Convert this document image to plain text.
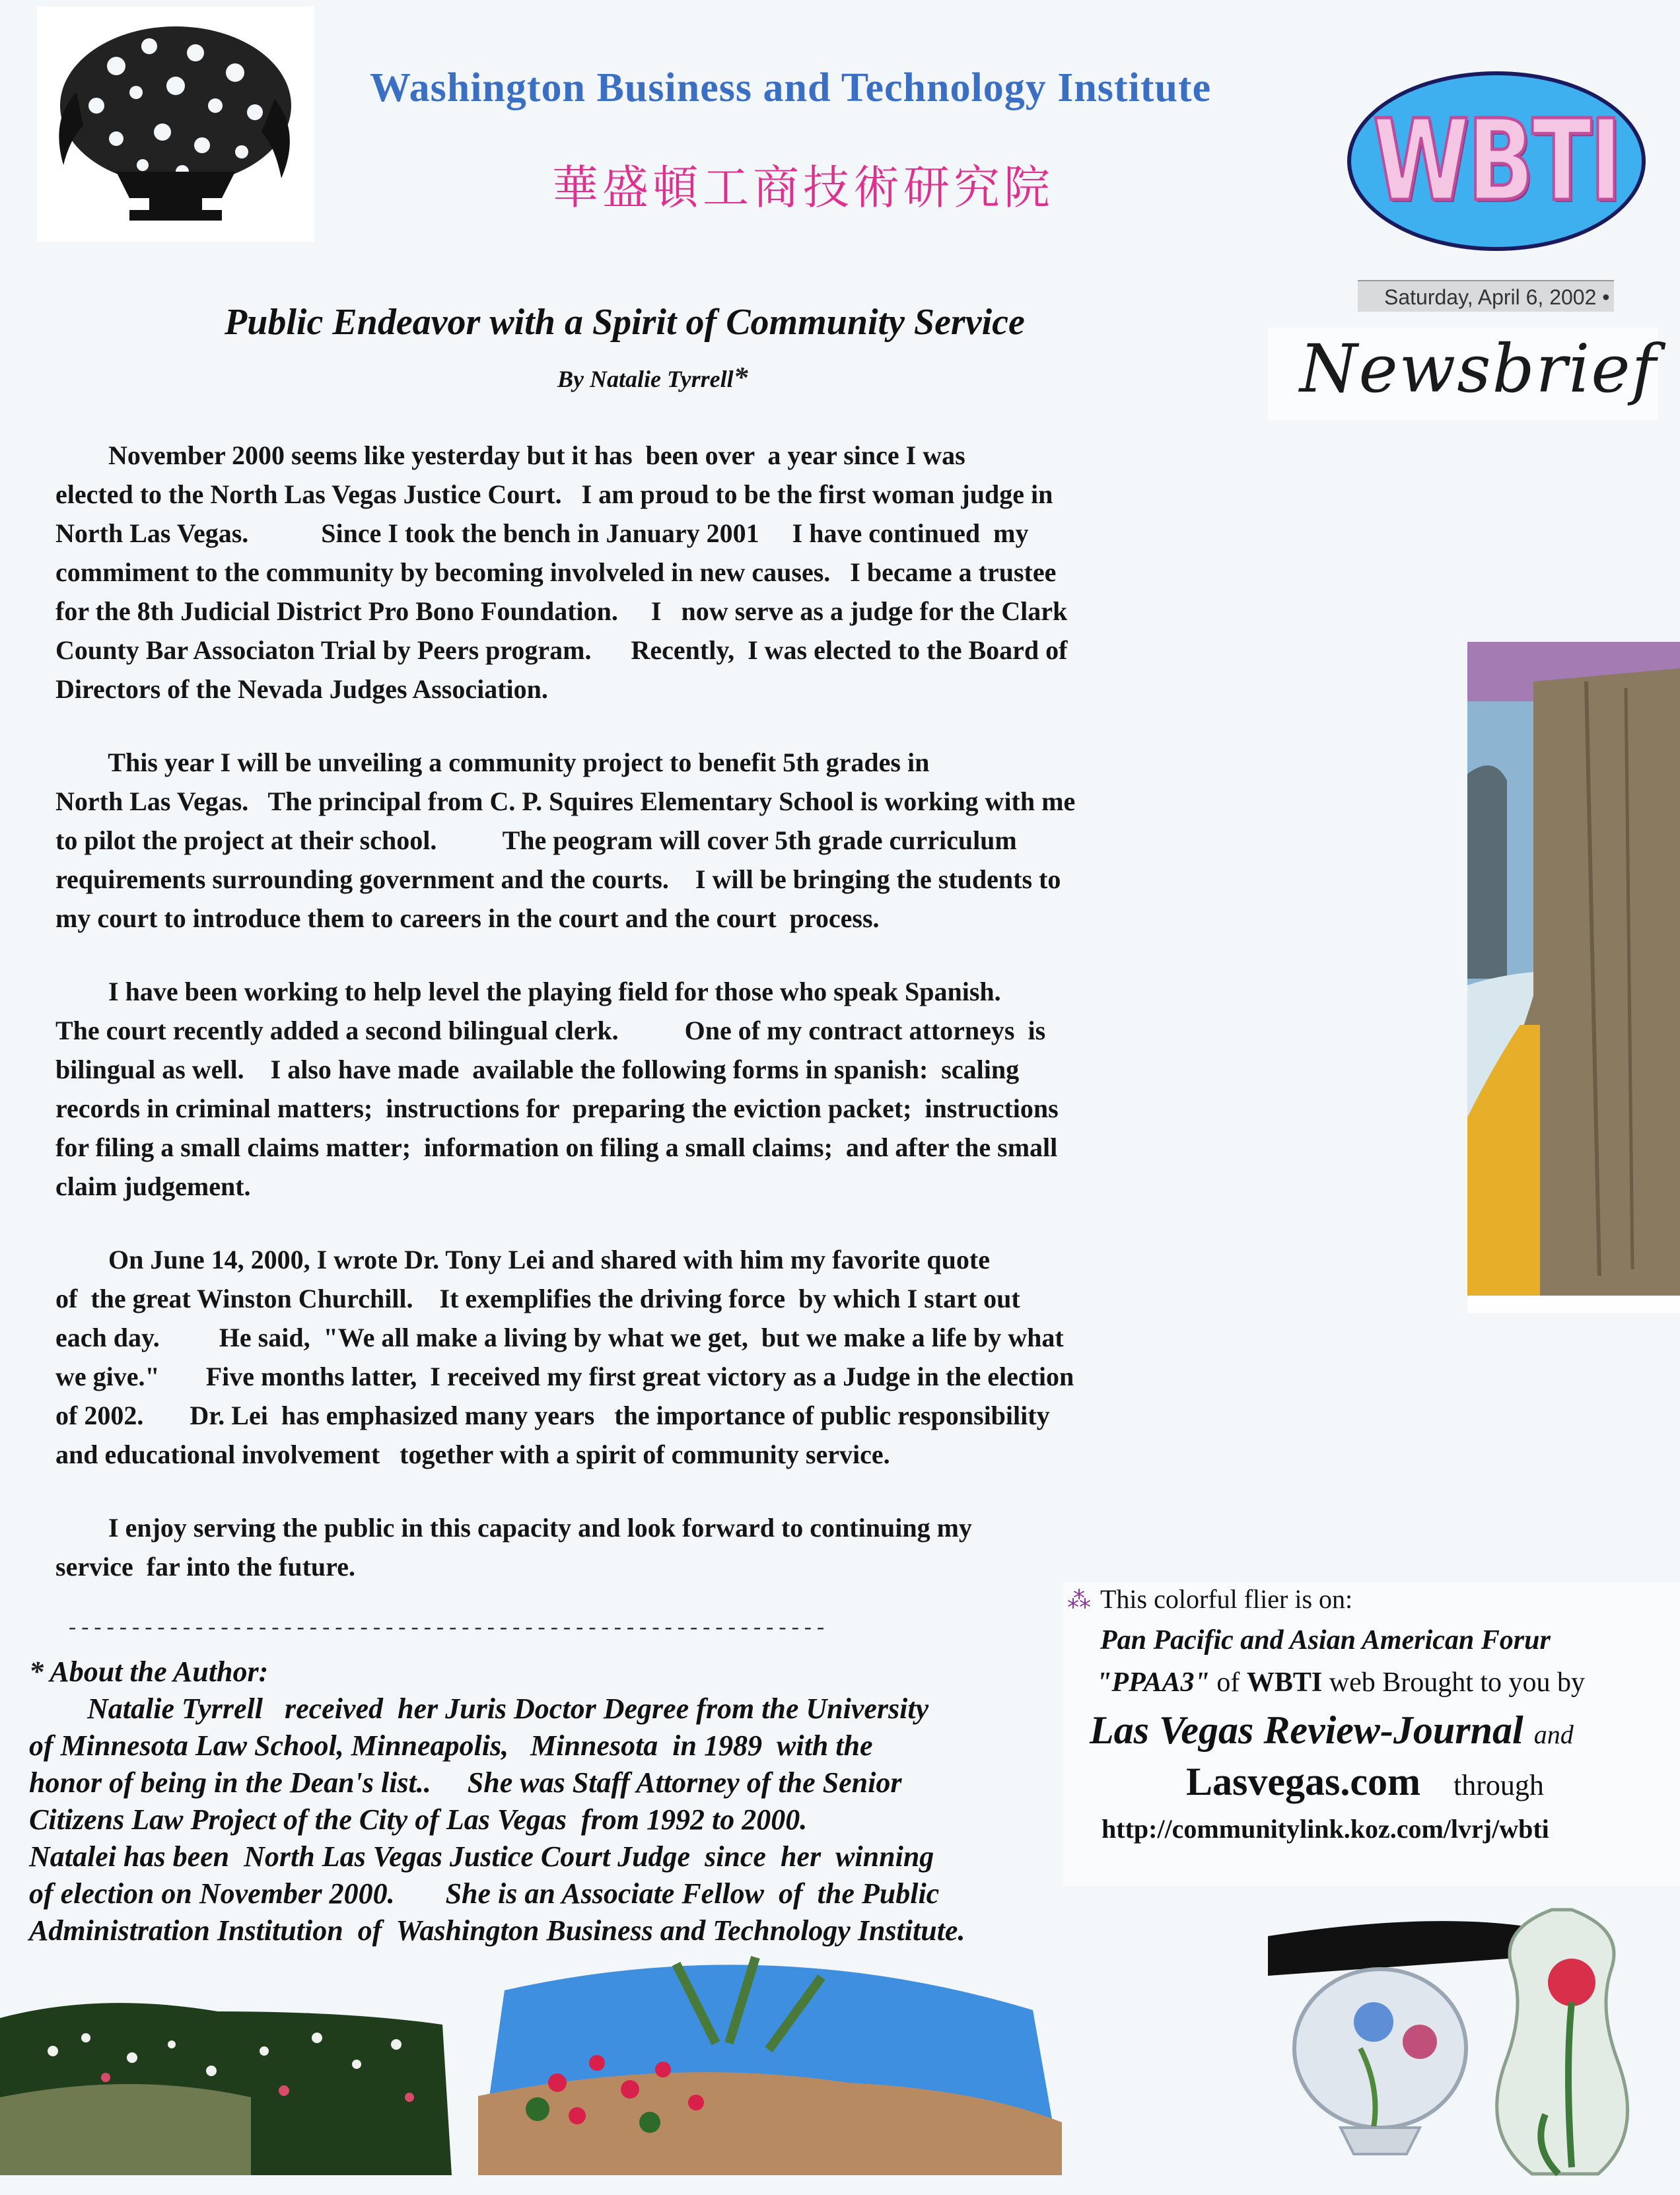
Washington Business and Technology Institute
華盛頓工商技術研究院	WBTI
Saturday, April 6, 2002 •
Newsbrief
Public Endeavor with a Spirit of Community Service
By Natalie Tyrrell*
November 2000 seems like yesterday but it has  been over  a year since I was
elected to the North Las Vegas Justice Court.   I am proud to be the first woman judge in
North Las Vegas.           Since I took the bench in January 2001     I have continued  my
commiment to the community by becoming involveled in new causes.   I became a trustee
for the 8th Judicial District Pro Bono Foundation.     I   now serve as a judge for the Clark
County Bar Associaton Trial by Peers program.      Recently,  I was elected to the Board of
Directors of the Nevada Judges Association.
This year I will be unveiling a community project to benefit 5th grades in
North Las Vegas.   The principal from C. P. Squires Elementary School is working with me
to pilot the project at their school.          The peogram will cover 5th grade curriculum
requirements surrounding government and the courts.    I will be bringing the students to
my court to introduce them to careers in the court and the court  process.
I have been working to help level the playing field for those who speak Spanish.
The court recently added a second bilingual clerk.          One of my contract attorneys  is
bilingual as well.    I also have made  available the following forms in spanish:  scaling
records in criminal matters;  instructions for  preparing the eviction packet;  instructions
for filing a small claims matter;  information on filing a small claims;  and after the small
claim judgement.
On June 14, 2000, I wrote Dr. Tony Lei and shared with him my favorite quote
of  the great Winston Churchill.    It exemplifies the driving force  by which I start out
each day.         He said,  "We all make a living by what we get,  but we make a life by what
we give."       Five months latter,  I received my first great victory as a Judge in the election
of 2002.       Dr. Lei  has emphasized many years   the importance of public responsibility
and educational involvement   together with a spirit of community service.
I enjoy serving the public in this capacity and look forward to continuing my
service  far into the future.
------------------------------------------------------------
* About the Author:
Natalie Tyrrell   received  her Juris Doctor Degree from the University
of Minnesota Law School, Minneapolis,   Minnesota  in 1989  with the
honor of being in the Dean's list..     She was Staff Attorney of the Senior
Citizens Law Project of the City of Las Vegas  from 1992 to 2000.
Natalei has been  North Las Vegas Justice Court Judge  since  her  winning
of election on November 2000.       She is an Associate Fellow  of  the Public
Administration Institution  of  Washington Business and Technology Institute.
⁂ This colorful flier is on:
Pan Pacific and Asian American Forur
"PPAA3" of WBTI web Brought to you by
Las Vegas Review-Journal and
Lasvegas.com through
http://communitylink.koz.com/lvrj/wbti
